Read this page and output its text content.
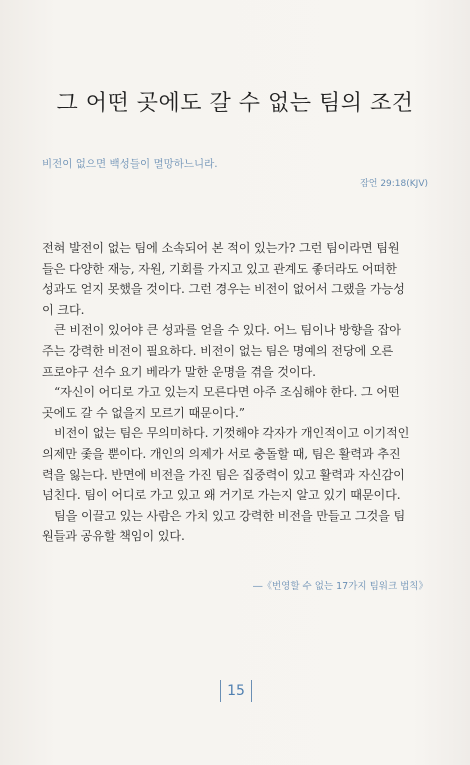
그 어떤 곳에도 갈 수 없는 팀의 조건
비전이 없으면 백성들이 멸망하느니라.
잠언 29:18(KJV)
전혀 발전이 없는 팀에 소속되어 본 적이 있는가? 그런 팀이라면 팀원
들은 다양한 재능, 자원, 기회를 가지고 있고 관계도 좋더라도 어떠한
성과도 얻지 못했을 것이다. 그런 경우는 비전이 없어서 그랬을 가능성
이 크다.
큰 비전이 있어야 큰 성과를 얻을 수 있다. 어느 팀이나 방향을 잡아
주는 강력한 비전이 필요하다. 비전이 없는 팀은 명예의 전당에 오른
프로야구 선수 요기 베라가 말한 운명을 겪을 것이다.
“자신이 어디로 가고 있는지 모른다면 아주 조심해야 한다. 그 어떤
곳에도 갈 수 없을지 모르기 때문이다.”
비전이 없는 팀은 무의미하다. 기껏해야 각자가 개인적이고 이기적인
의제만 좇을 뿐이다. 개인의 의제가 서로 충돌할 때, 팀은 활력과 추진
력을 잃는다. 반면에 비전을 가진 팀은 집중력이 있고 활력과 자신감이
넘친다. 팀이 어디로 가고 있고 왜 거기로 가는지 알고 있기 때문이다.
팀을 이끌고 있는 사람은 가치 있고 강력한 비전을 만들고 그것을 팀
원들과 공유할 책임이 있다.
―《번영할 수 없는 17가지 팀워크 법칙》
15
